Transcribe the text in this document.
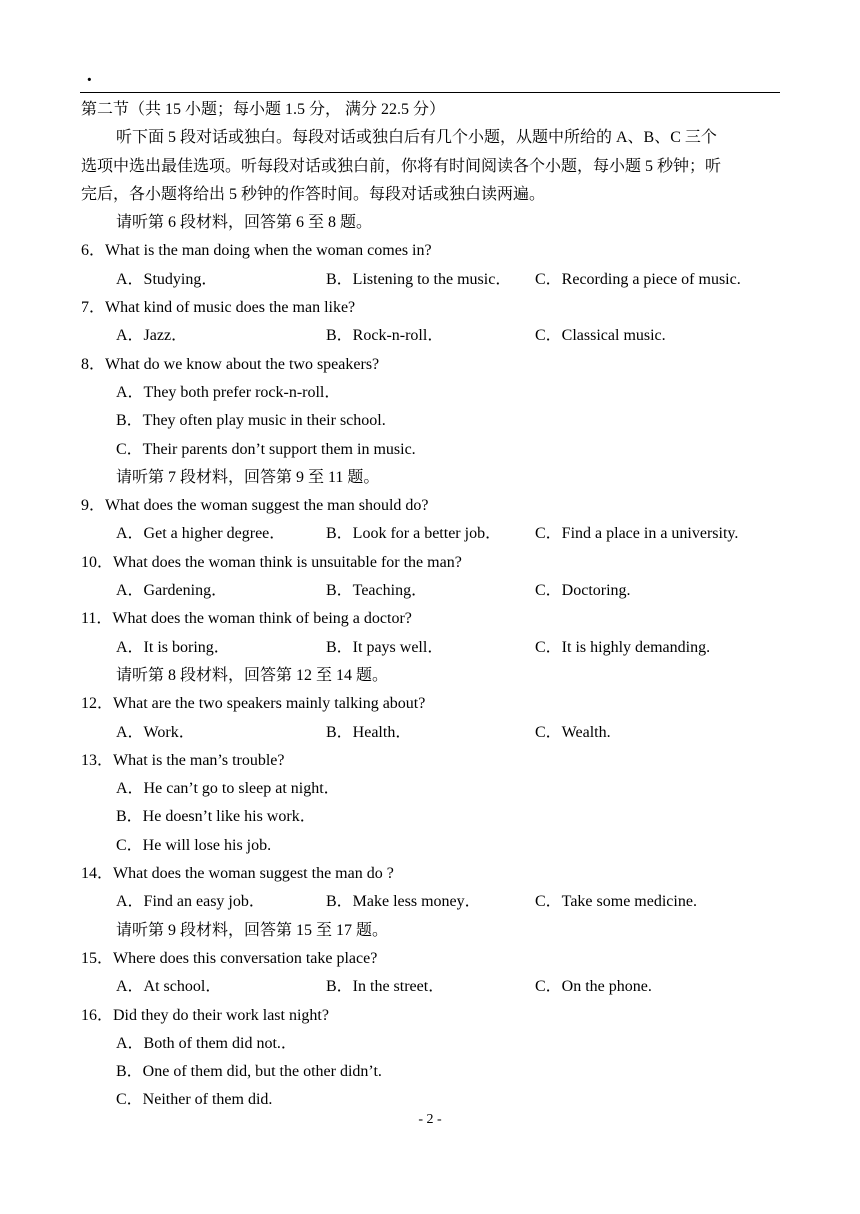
·
第二节（共 15 小题；每小题 1.5 分， 满分 22.5 分）
听下面 5 段对话或独白。每段对话或独白后有几个小题，从题中所给的 A、B、C 三个
选项中选出最佳选项。听每段对话或独白前，你将有时间阅读各个小题，每小题 5 秒钟；听
完后，各小题将给出 5 秒钟的作答时间。每段对话或独白读两遍。
请听第 6 段材料，回答第 6 至 8 题。
6．What is the man doing when the woman comes in?
A．Studying．	B．Listening to the music． C．Recording a piece of music.
7．What kind of music does the man like?
A．Jazz．	B．Rock-n-roll．	C．Classical music.
8．What do we know about the two speakers?
A．They both prefer rock-n-roll．
B．They often play music in their school.
C．Their parents don’t support them in music.
请听第 7 段材料，回答第 9 至 11 题。
9．What does the woman suggest the man should do?
A．Get a higher degree．	B．Look for a better job． C．Find a place in a university.
10．What does the woman think is unsuitable for the man?
A．Gardening．	B．Teaching．	C．Doctoring.
11．What does the woman think of being a doctor?
A．It is boring．	B．It pays well．	C．It is highly demanding.
请听第 8 段材料，回答第 12 至 14 题。
12．What are the two speakers mainly talking about?
A．Work．	B．Health．	C．Wealth.
13．What is the man’s trouble?
A．He can’t go to sleep at night．
B．He doesn’t like his work．
C．He will lose his job.
14．What does the woman suggest the man do ?
A．Find an easy job．	B．Make less money．	C．Take some medicine.
请听第 9 段材料，回答第 15 至 17 题。
15．Where does this conversation take place?
A．At school．	B．In the street．	C．On the phone.
16．Did they do their work last night?
A．Both of them did not.．
B．One of them did, but the other didn’t.
C．Neither of them did.
- 2 -
